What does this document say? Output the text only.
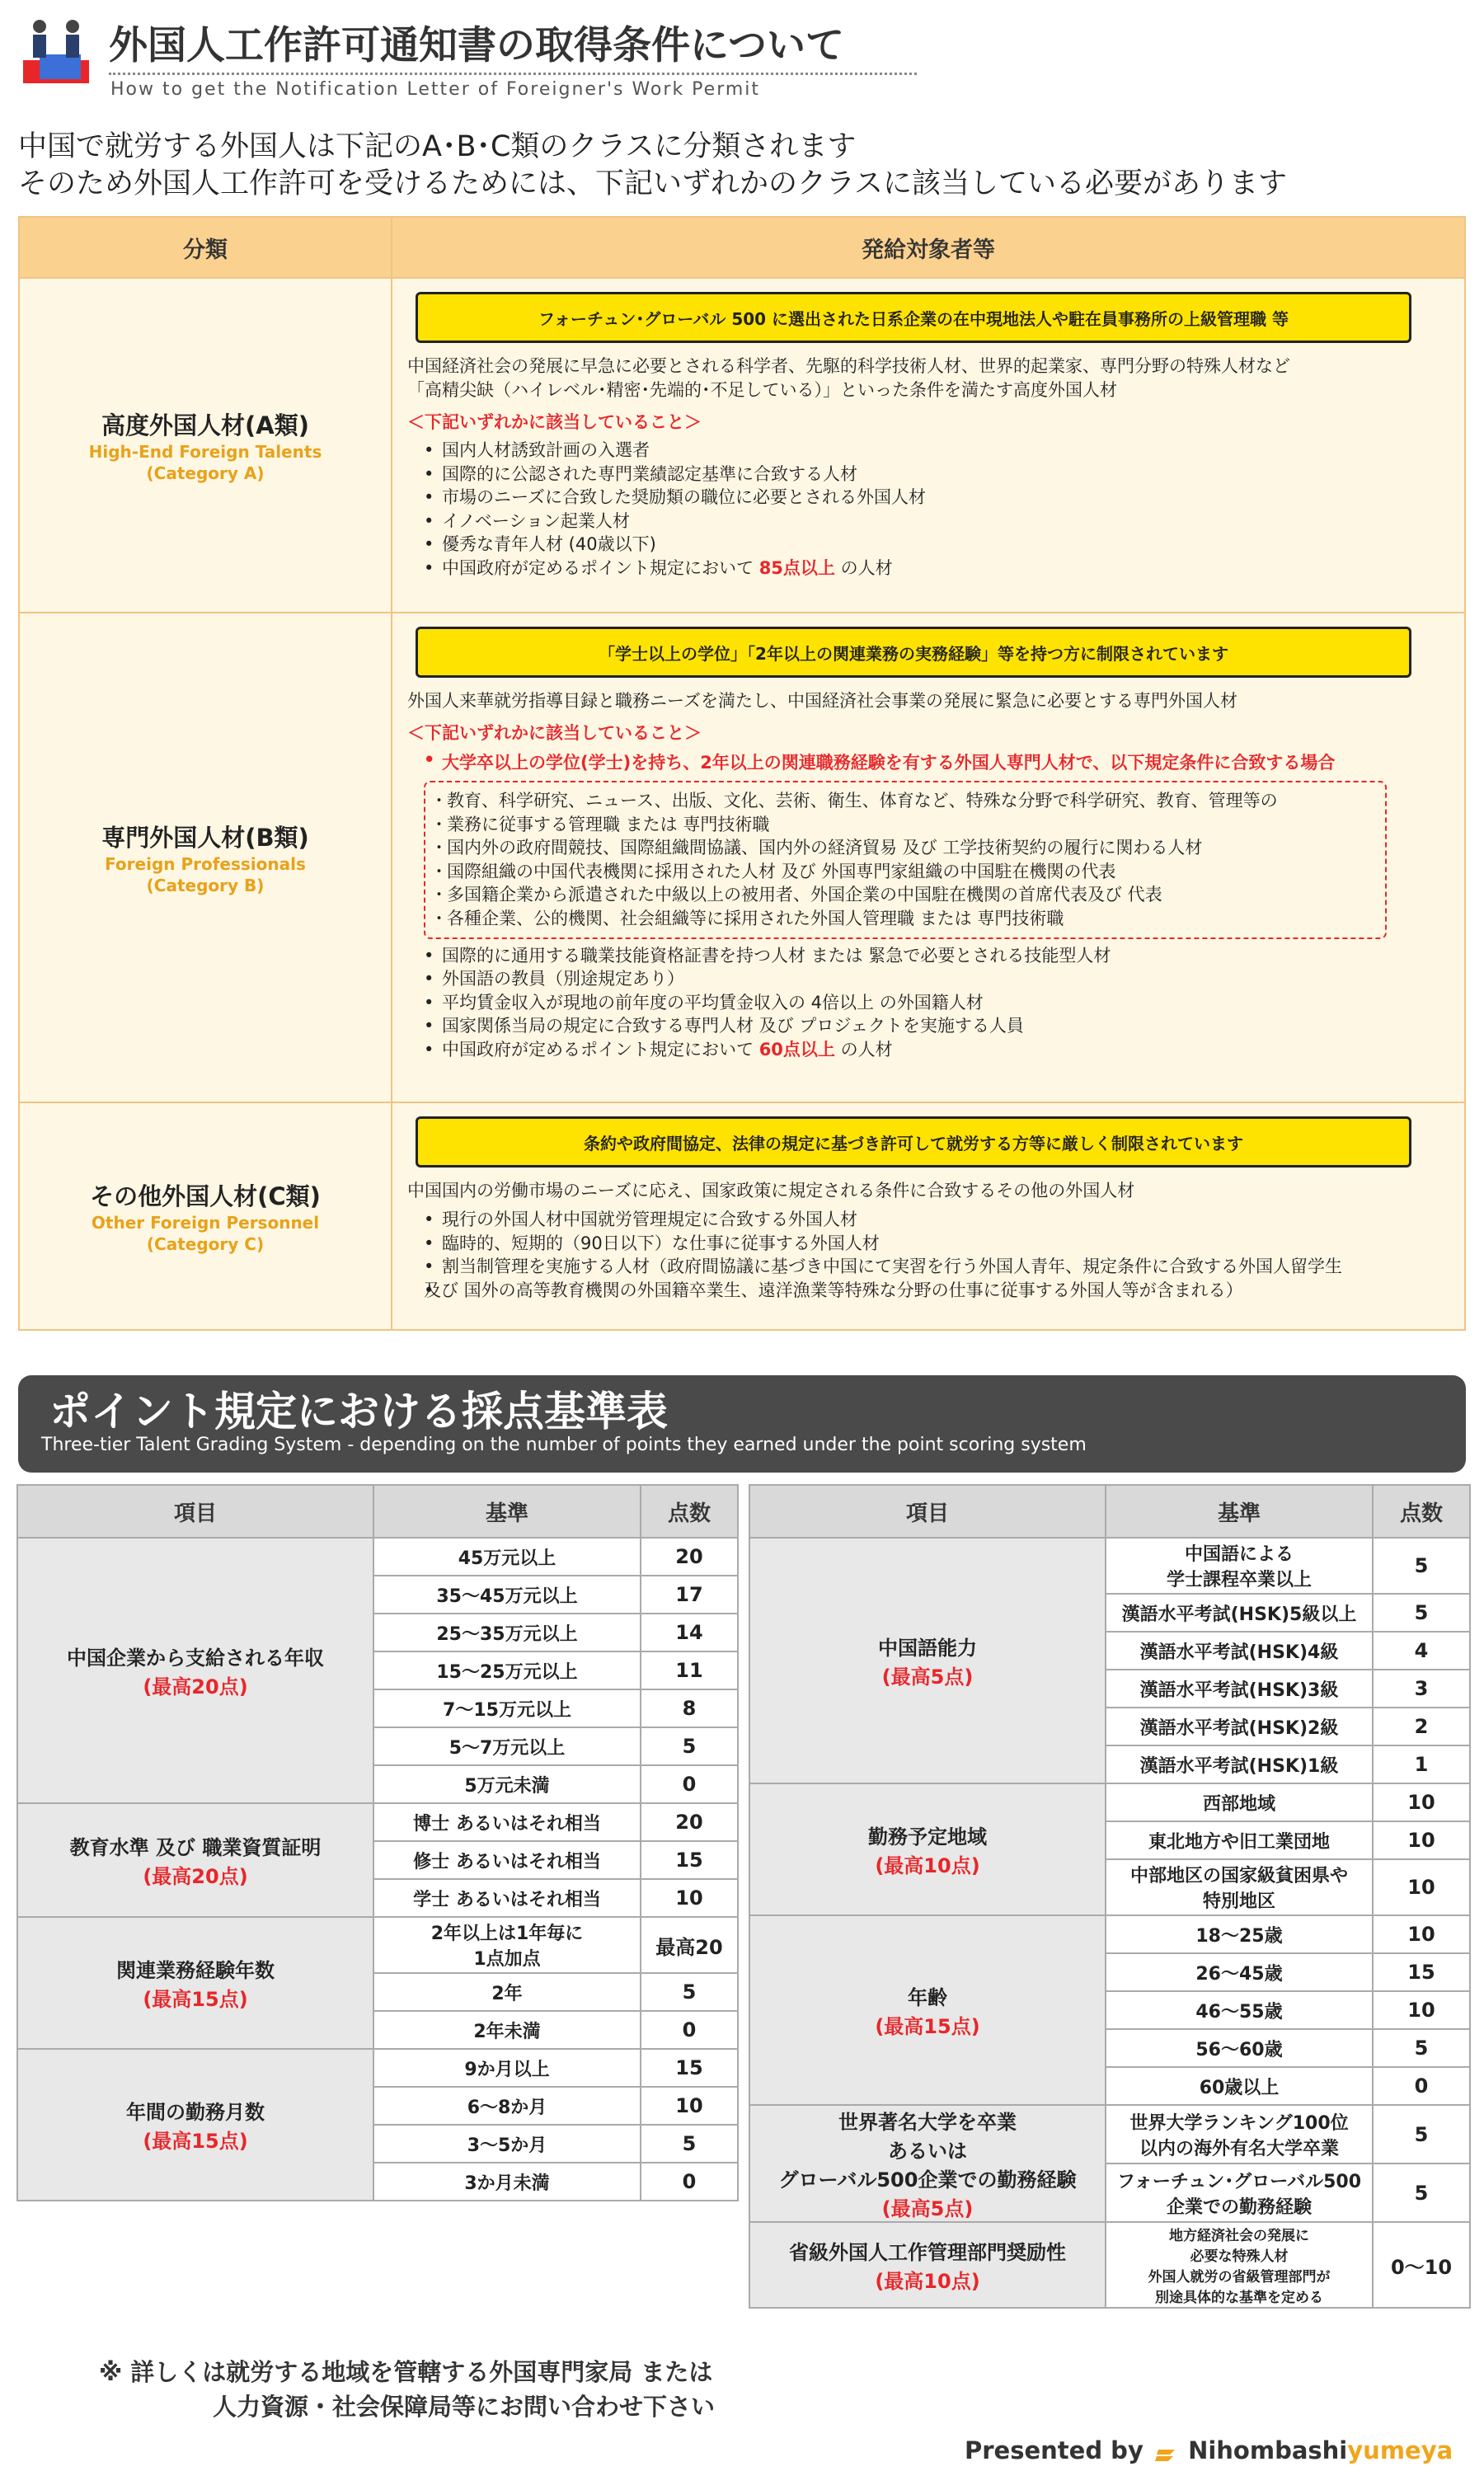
外国人工作許可通知書の取得条件について
How to get the Notification Letter of Foreigner's Work Permit
中国で就労する外国人は下記のA･B･C類のクラスに分類されます
そのため外国人工作許可を受けるためには、下記いずれかのクラスに該当している必要があります
分類	発給対象者等
高度外国人材(A類)
High-End Foreign Talents
(Category A)
フォーチュン･グローバル 500 に選出された日系企業の在中現地法人や駐在員事務所の上級管理職 等
中国経済社会の発展に早急に必要とされる科学者、先駆的科学技術人材、世界的起業家、専門分野の特殊人材など
「高精尖缺（ハイレベル･精密･先端的･不足している）」といった条件を満たす高度外国人材
＜下記いずれかに該当していること＞
• 国内人材誘致計画の入選者
• 国際的に公認された専門業績認定基準に合致する人材
• 市場のニーズに合致した奨励類の職位に必要とされる外国人材
• イノベーション起業人材
• 優秀な青年人材 (40歳以下)
• 中国政府が定めるポイント規定において 85点以上 の人材
専門外国人材(B類)
Foreign Professionals
(Category B)
「学士以上の学位」「2年以上の関連業務の実務経験」等を持つ方に制限されています
外国人来華就労指導目録と職務ニーズを満たし、中国経済社会事業の発展に緊急に必要とする専門外国人材
＜下記いずれかに該当していること＞
• 大学卒以上の学位(学士)を持ち、2年以上の関連職務経験を有する外国人専門人材で、以下規定条件に合致する場合
・ 教育、科学研究、ニュース、出版、文化、芸術、衛生、体育など、特殊な分野で科学研究、教育、管理等の
・ 業務に従事する管理職 または 専門技術職
・ 国内外の政府間競技、国際組織間協議、国内外の経済貿易 及び 工学技術契約の履行に関わる人材
・ 国際組織の中国代表機関に採用された人材 及び 外国専門家組織の中国駐在機関の代表
・ 多国籍企業から派遣された中級以上の被用者、外国企業の中国駐在機関の首席代表及び 代表
・ 各種企業、公的機関、社会組織等に採用された外国人管理職 または 専門技術職
• 国際的に通用する職業技能資格証書を持つ人材 または 緊急で必要とされる技能型人材
• 外国語の教員（別途規定あり）
• 平均賃金収入が現地の前年度の平均賃金収入の 4倍以上 の外国籍人材
• 国家関係当局の規定に合致する専門人材 及び プロジェクトを実施する人員
• 中国政府が定めるポイント規定において 60点以上 の人材
その他外国人材(C類)
Other Foreign Personnel
(Category C)
条約や政府間協定、法律の規定に基づき許可して就労する方等に厳しく制限されています
中国国内の労働市場のニーズに応え、国家政策に規定される条件に合致するその他の外国人材
• 現行の外国人材中国就労管理規定に合致する外国人材
• 臨時的、短期的（90日以下）な仕事に従事する外国人材
• 割当制管理を実施する人材（政府間協議に基づき中国にて実習を行う外国人青年、規定条件に合致する外国人留学生
• 及び 国外の高等教育機関の外国籍卒業生、遠洋漁業等特殊な分野の仕事に従事する外国人等が含まれる）
ポイント規定における採点基準表
Three-tier Talent Grading System - depending on the number of points they earned under the point scoring system
項目	基準	点数
中国企業から支給される年収
(最高20点)	45万元以上	20
	35～45万元以上	17
	25～35万元以上	14
	15～25万元以上	11
	7～15万元以上	8
	5～7万元以上	5
	5万元未満	0
教育水準 及び 職業資質証明
(最高20点)	博士 あるいはそれ相当	20
	修士 あるいはそれ相当	15
	学士 あるいはそれ相当	10
関連業務経験年数
(最高15点)	2年以上は1年毎に
1点加点	最高20
	2年	5
	2年未満	0
年間の勤務月数
(最高15点)	9か月以上	15
	6～8か月	10
	3～5か月	5
	3か月未満	0
項目	基準	点数
中国語能力
(最高5点)	中国語による
学士課程卒業以上	5
	漢語水平考試(HSK)5級以上	5
	漢語水平考試(HSK)4級	4
	漢語水平考試(HSK)3級	3
	漢語水平考試(HSK)2級	2
	漢語水平考試(HSK)1級	1
勤務予定地域
(最高10点)	西部地域	10
	東北地方や旧工業団地	10
	中部地区の国家級貧困県や
特別地区	10
年齢
(最高15点)	18～25歳	10
	26～45歳	15
	46～55歳	10
	56～60歳	5
	60歳以上	0
世界著名大学を卒業
あるいは
グローバル500企業での勤務経験
(最高5点)	世界大学ランキング100位
以内の海外有名大学卒業	5
	フォーチュン･グローバル500
企業での勤務経験	5
省級外国人工作管理部門奨励性
(最高10点)	地方経済社会の発展に
必要な特殊人材
外国人就労の省級管理部門が
別途具体的な基準を定める	0～10
※ 詳しくは就労する地域を管轄する外国専門家局 または
人力資源・社会保障局等にお問い合わせ下さい
Presented by Nihombashiyumeya
